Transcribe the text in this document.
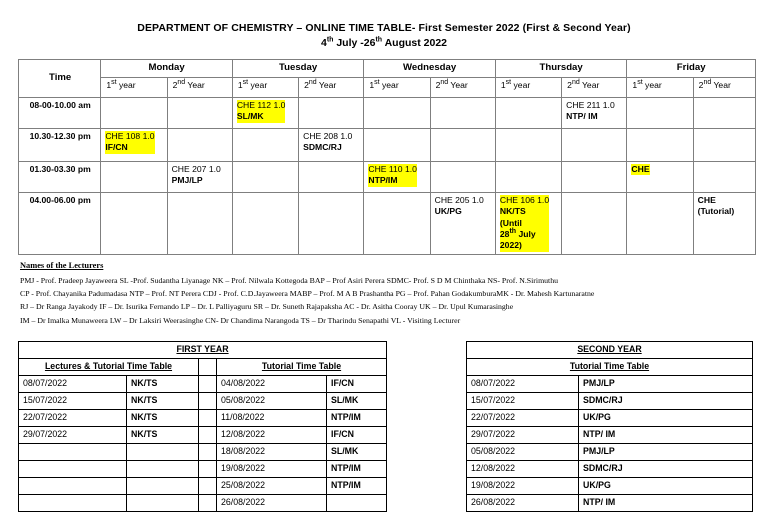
DEPARTMENT OF CHEMISTRY – ONLINE TIME TABLE- First Semester 2022 (First & Second Year)
4th July -26th August 2022
Time	Monday		Tuesday		Wednesday		Thursday		Friday	
	1st year	2nd Year	1st year	2nd Year	1st year	2nd Year	1st year	2nd Year	1st year	2nd Year
08-00-10.00 am			CHE 112 1.0
SL/MK					CHE 211 1.0
NTP/ IM		

10.30-12.30 pm	CHE 108 1.0
IF/CN			CHE 208 1.0
SDMC/RJ						

01.30-03.30 pm		CHE 207 1.0
PMJ/LP			CHE 110 1.0
NTP/IM				CHE	

04.00-06.00 pm						CHE 205 1.0
UK/PG	CHE 106 1.0
NK/TS
(Until
28th July
2022)			CHE
(Tutorial)
Names of the Lecturers
PMJ - Prof. Pradeep Jayaweera SL -Prof. Sudantha Liyanage NK – Prof. Nilwala Kottegoda BAP – Prof Asiri Perera SDMC- Prof. S D M Chinthaka NS- Prof. N.Sirimuthu
CP - Prof. Chayanika Padumadasa NTP – Prof. NT Perera CDJ - Prof. C.D.Jayaweera MABP – Prof. M A B Prashantha PG – Prof. Pahan GodakumburaMK - Dr. Mahesh Kartunaratne
RJ – Dr Ranga Jayakody IF – Dr. Isurika Fernando LP – Dr. L Palliyaguru SR – Dr. Suneth Rajapaksha AC - Dr. Asitha Cooray UK – Dr. Upul Kumarasinghe
IM – Dr Imalka Munaweera LW – Dr Laksiri Weerasinghe CN- Dr Chandima Narangoda TS – Dr Tharindu Senapathi VL - Visiting Lecturer
FIRST YEAR				
Lectures & Tutorial Time Table			Tutorial Time Table	
08/07/2022	NK/TS		04/08/2022	IF/CN
15/07/2022	NK/TS		05/08/2022	SL/MK
22/07/2022	NK/TS		11/08/2022	NTP/IM
29/07/2022	NK/TS		12/08/2022	IF/CN
			18/08/2022	SL/MK
			19/08/2022	NTP/IM
			25/08/2022	NTP/IM
			26/08/2022	
SECOND YEAR	
Tutorial Time Table	
08/07/2022	PMJ/LP
15/07/2022	SDMC/RJ
22/07/2022	UK/PG
29/07/2022	NTP/ IM
05/08/2022	PMJ/LP
12/08/2022	SDMC/RJ
19/08/2022	UK/PG
26/08/2022	NTP/ IM
